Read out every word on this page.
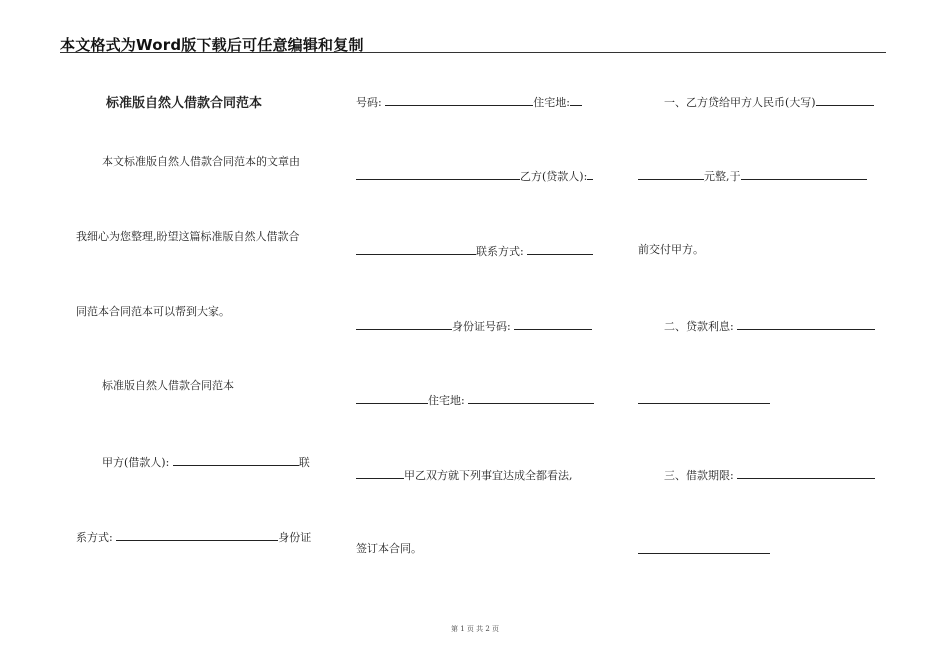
本文格式为Word版下载后可任意编辑和复制
标准版自然人借款合同范本
本文标准版自然人借款合同范本的文章由
我细心为您整理,盼望这篇标准版自然人借款合
同范本合同范本可以帮到大家。
标准版自然人借款合同范本
甲方(借款人):	联
系方式:	身份证
号码:	住宅地:
乙方(贷款人):
联系方式:
身份证号码:
住宅地:
甲乙双方就下列事宜达成全都看法,
签订本合同。
一、乙方贷给甲方人民币(大写)
元整,于
前交付甲方。
二、贷款利息:
三、借款期限:
第 1 页 共 2 页
